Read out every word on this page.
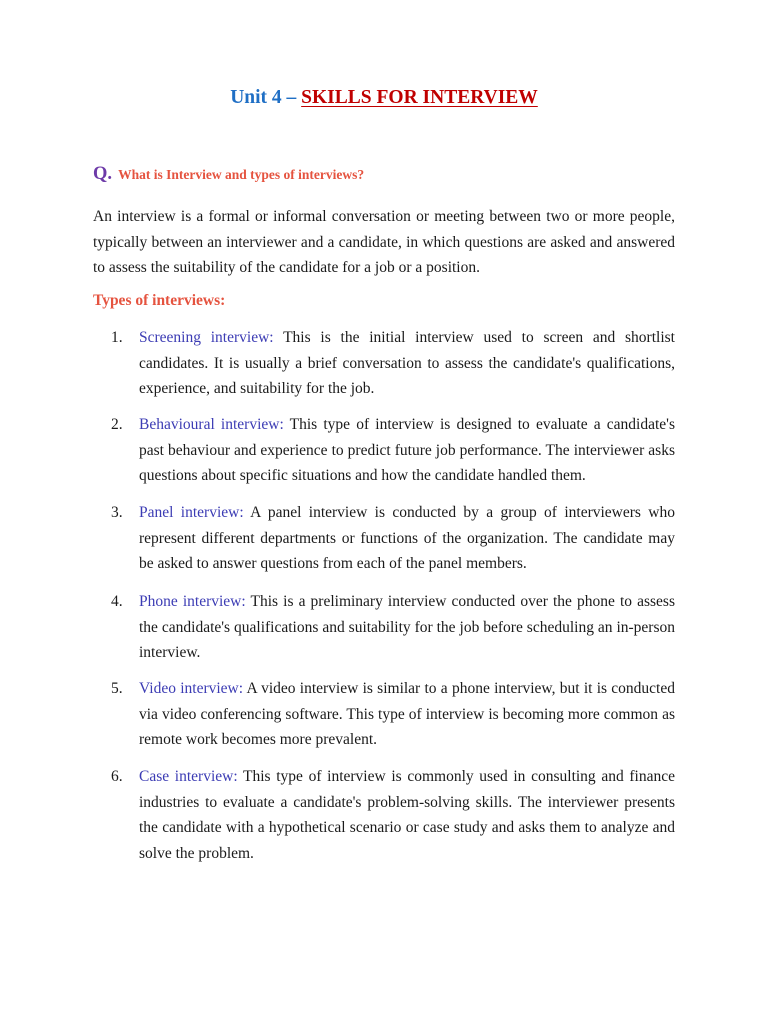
Unit 4 – SKILLS FOR INTERVIEW
Q. What is Interview and types of interviews?
An interview is a formal or informal conversation or meeting between two or more people, typically between an interviewer and a candidate, in which questions are asked and answered to assess the suitability of the candidate for a job or a position.
Types of interviews:
1.	Screening interview: This is the initial interview used to screen and shortlist candidates. It is usually a brief conversation to assess the candidate's qualifications, experience, and suitability for the job.
2.	Behavioural interview: This type of interview is designed to evaluate a candidate's past behaviour and experience to predict future job performance. The interviewer asks questions about specific situations and how the candidate handled them.
3.	Panel interview: A panel interview is conducted by a group of interviewers who represent different departments or functions of the organization. The candidate may be asked to answer questions from each of the panel members.
4.	Phone interview: This is a preliminary interview conducted over the phone to assess the candidate's qualifications and suitability for the job before scheduling an in-person interview.
5.	Video interview: A video interview is similar to a phone interview, but it is conducted via video conferencing software. This type of interview is becoming more common as remote work becomes more prevalent.
6.	Case interview: This type of interview is commonly used in consulting and finance industries to evaluate a candidate's problem-solving skills. The interviewer presents the candidate with a hypothetical scenario or case study and asks them to analyze and solve the problem.
